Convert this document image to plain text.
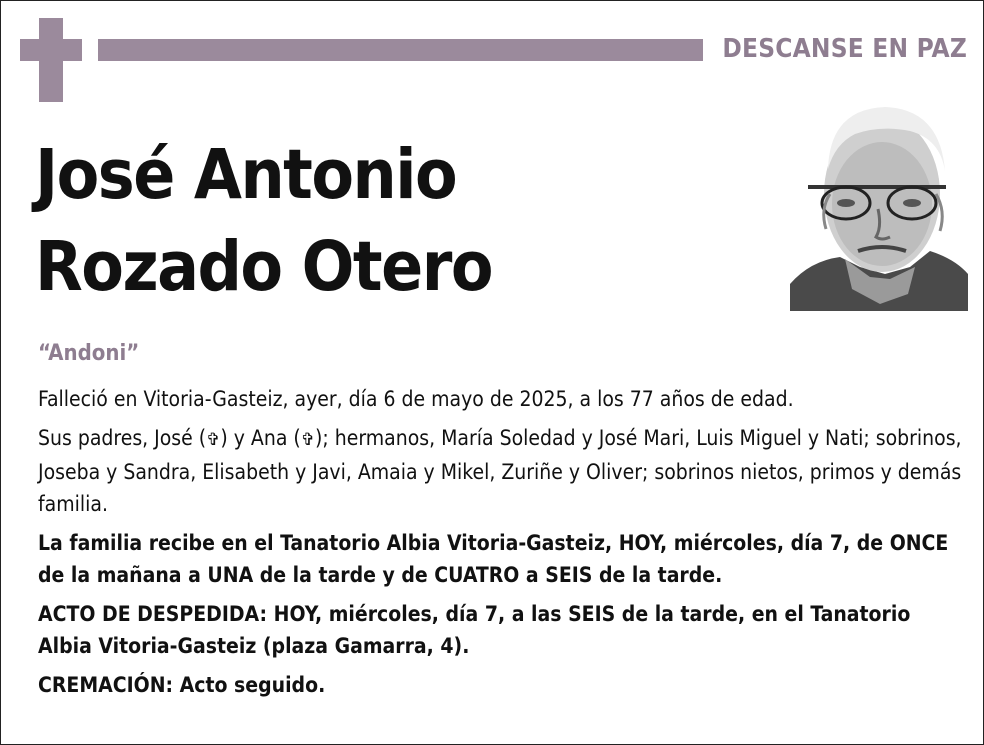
DESCANSE EN PAZ
José Antonio
Rozado Otero
“Andoni”

Falleció en Vitoria-Gasteiz, ayer, día 6 de mayo de 2025, a los 77 años de edad.

Sus padres, José (✞) y Ana (✞); hermanos, María Soledad y José Mari, Luis Miguel y Nati; sobrinos, Joseba y Sandra, Elisabeth y Javi, Amaia y Mikel, Zuriñe y Oliver; sobrinos nietos, primos y demás familia.

La familia recibe en el Tanatorio Albia Vitoria-Gasteiz, HOY, miércoles, día 7, de ONCE de la mañana a UNA de la tarde y de CUATRO a SEIS de la tarde.

ACTO DE DESPEDIDA: HOY, miércoles, día 7, a las SEIS de la tarde, en el Tanatorio Albia Vitoria-Gasteiz (plaza Gamarra, 4).

CREMACIÓN: Acto seguido.
